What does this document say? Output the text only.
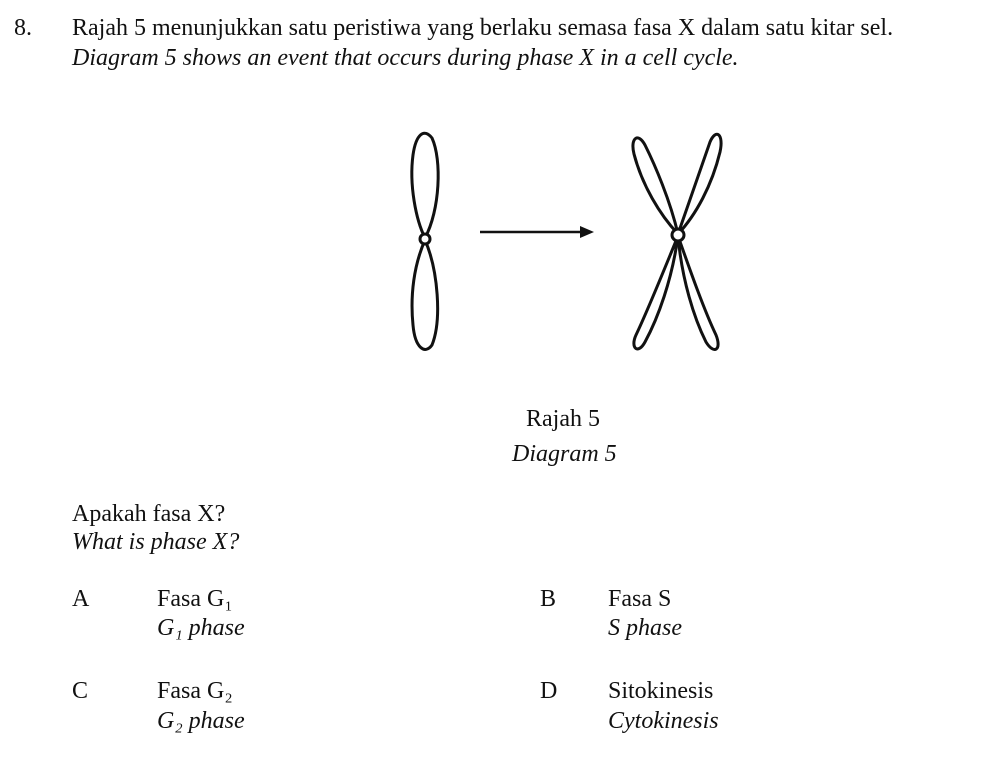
8. Rajah 5 menunjukkan satu peristiwa yang berlaku semasa fasa X dalam satu kitar sel.
Diagram 5 shows an event that occurs during phase X in a cell cycle.
Rajah 5
Diagram 5
Apakah fasa X?
What is phase X?
A	Fasa G₁
G₁ phase
B Fasa S
S phase
C	Fasa G₂
G₂ phase
D Sitokinesis
Cytokinesis
